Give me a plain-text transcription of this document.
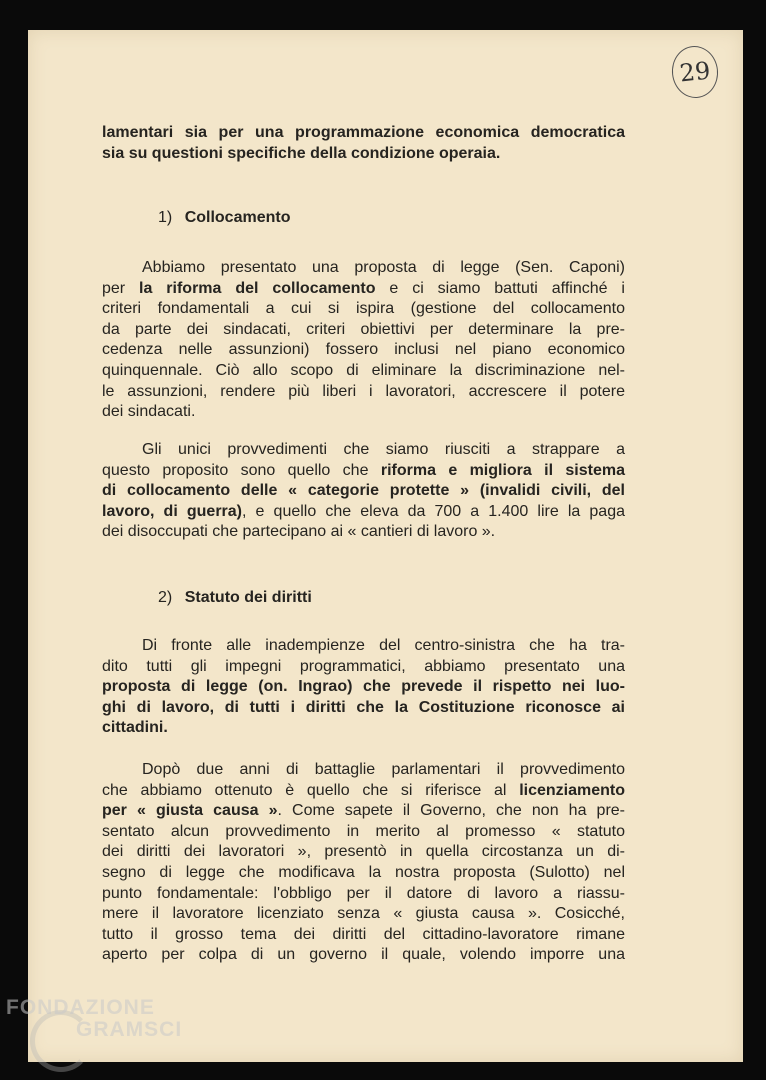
29
lamentari sia per una programmazione economica democratica
sia su questioni specifiche della condizione operaia.
1) Collocamento
Abbiamo presentato una proposta di legge (Sen. Caponi)
per la riforma del collocamento e ci siamo battuti affinché i
criteri fondamentali a cui si ispira (gestione del collocamento
da parte dei sindacati, criteri obiettivi per determinare la pre-
cedenza nelle assunzioni) fossero inclusi nel piano economico
quinquennale. Ciò allo scopo di eliminare la discriminazione nel-
le assunzioni, rendere più liberi i lavoratori, accrescere il potere
dei sindacati.
Gli unici provvedimenti che siamo riusciti a strappare a
questo proposito sono quello che riforma e migliora il sistema
di collocamento delle « categorie protette » (invalidi civili, del
lavoro, di guerra), e quello che eleva da 700 a 1.400 lire la paga
dei disoccupati che partecipano ai « cantieri di lavoro ».
2) Statuto dei diritti
Di fronte alle inadempienze del centro-sinistra che ha tra-
dito tutti gli impegni programmatici, abbiamo presentato una
proposta di legge (on. Ingrao) che prevede il rispetto nei luo-
ghi di lavoro, di tutti i diritti che la Costituzione riconosce ai
cittadini.
Dopò due anni di battaglie parlamentari il provvedimento
che abbiamo ottenuto è quello che si riferisce al licenziamento
per « giusta causa ». Come sapete il Governo, che non ha pre-
sentato alcun provvedimento in merito al promesso « statuto
dei diritti dei lavoratori », presentò in quella circostanza un di-
segno di legge che modificava la nostra proposta (Sulotto) nel
punto fondamentale: l'obbligo per il datore di lavoro a riassu-
mere il lavoratore licenziato senza « giusta causa ». Cosicché,
tutto il grosso tema dei diritti del cittadino-lavoratore rimane
aperto per colpa di un governo il quale, volendo imporre una
FONDAZIONE
GRAMSCI
